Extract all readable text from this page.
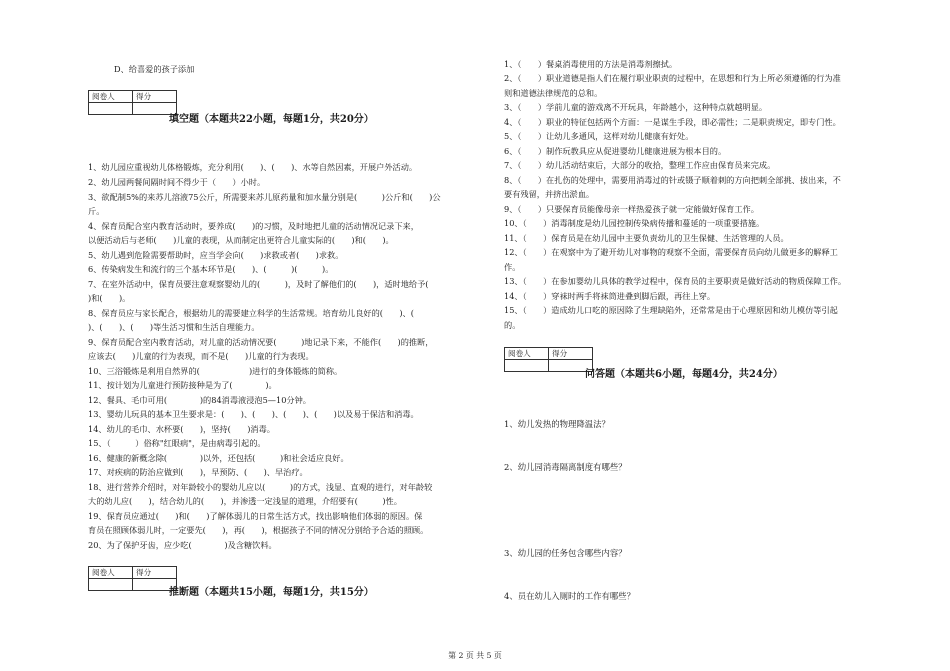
D、给喜爱的孩子添加
阅卷人	得分

填空题（本题共22小题，每题1分，共20分）
1、幼儿园应重视幼儿体格锻炼，充分利用(　　)、(　　)、水等自然因素，开展户外活动。
2、幼儿园两餐间隔时间不得少于（　　）小时。
3、欲配制5%的来苏儿溶液75公斤，所需要来苏儿原药量和加水量分别是(　　　)公斤和(　　)公
斤。
4、保育员配合室内教育活动时，要养成(　　)的习惯，及时地把儿童的活动情况记录下来，
以便活动后与老师(　　)儿童的表现，从而制定出更符合儿童实际的(　　)和(　　)。
5、幼儿遇到危险需要帮助时，应当学会向(　　)求救或者(　　)求救。
6、传染病发生和流行的三个基本环节是(　　)、(　　　)(　　　)。
7、在室外活动中，保育员要注意观察婴幼儿的(　　　)，及时了解他们的(　　)，适时地给予(
)和(　　)。
8、保育员应与家长配合，根据幼儿的需要建立科学的生活常规。培育幼儿良好的(　　)、(
)、(　　)、(　　)等生活习惯和生活自理能力。
9、保育员配合室内教育活动，对儿童的活动情况要(　　　)地记录下来，不能作(　　)的推断，
应该去(　　)儿童的行为表现，而不是(　　)儿童的行为表现。
10、三浴锻炼是利用自然界的(　　　　　　)进行的身体锻炼的简称。
11、按计划为儿童进行预防接种是为了(　　　　)。
12、餐具、毛巾可用(　　　　)的84消毒液浸泡5—10分钟。
13、婴幼儿玩具的基本卫生要求是：(　　)、(　　)、(　　)、(　　)以及易于保洁和消毒。
14、幼儿的毛巾、水杯要(　　)，坚持(　　)消毒。
15、（　　　）俗称"红眼病"，是由病毒引起的。
16、健康的新概念除(　　　　)以外，还包括(　　　)和社会适应良好。
17、对疾病的防治应做到(　　)，早预防、(　　)、早治疗。
18、进行营养介绍时，对年龄较小的婴幼儿应以(　　　)的方式，浅显、直观的进行，对年龄较
大的幼儿应(　　)，结合幼儿的(　　)，并渗透一定浅显的道理，介绍要有(　　　)性。
19、保育员应通过(　　)和(　　)了解体弱儿的日常生活方式，找出影响他们体弱的原因。保
育员在照顾体弱儿时，一定要先(　　)，再(　　)，根据孩子不同的情况分别给予合适的照顾。
20、为了保护牙齿，应少吃(　　　　)及含糖饮料。
阅卷人	得分

推断题（本题共15小题，每题1分，共15分）
1、（　　）餐桌消毒使用的方法是消毒剂擦拭。
2、（　　）职业道德是指人们在履行职业职责的过程中，在思想和行为上所必须遵循的行为准
则和道德法律规范的总和。
3、（　　）学前儿童的游戏离不开玩具，年龄越小，这种特点就越明显。
4、（　　）职业的特征包括两个方面：一是谋生手段，即必需性；二是职责规定，即专门性。
5、（　　）让幼儿多通风，这样对幼儿健康有好处。
6、（　　）制作玩教具应从促进婴幼儿健康进展为根本目的。
7、（　　）幼儿活动结束后，大部分的收拾，整理工作应由保育员来完成。
8、（　　）在扎伤的处理中，需要用消毒过的针或镊子顺着刺的方向把刺全部挑、拔出来，不
要有残留，并挤出淤血。
9、（　　）只要保育员能像母亲一样热爱孩子就一定能做好保育工作。
10、（　　）消毒制度是幼儿园控制传染病传播和蔓延的一项重要措施。
11、（　　）保育员是在幼儿园中主要负责幼儿的卫生保健、生活管理的人员。
12、（　　）在观察中为了避开幼儿对事物的观察不全面，需要保育员向幼儿做更多的解释工
作。
13、（　　）在参加婴幼儿具体的教学过程中，保育员的主要职责是做好活动的物质保障工作。
14、（　　）穿袜时两手将袜筒进叠到脚后跟，再往上穿。
15、（　　）造成幼儿口吃的原因除了生理缺陷外，还常常是由于心理原因和幼儿模仿等引起
的。
阅卷人	得分

问答题（本题共6小题，每题4分，共24分）
1、幼儿发热的物理降温法？
2、幼儿园消毒隔离制度有哪些？
3、幼儿园的任务包含哪些内容？
4、员在幼儿入厕时的工作有哪些？
第 2 页 共 5 页
